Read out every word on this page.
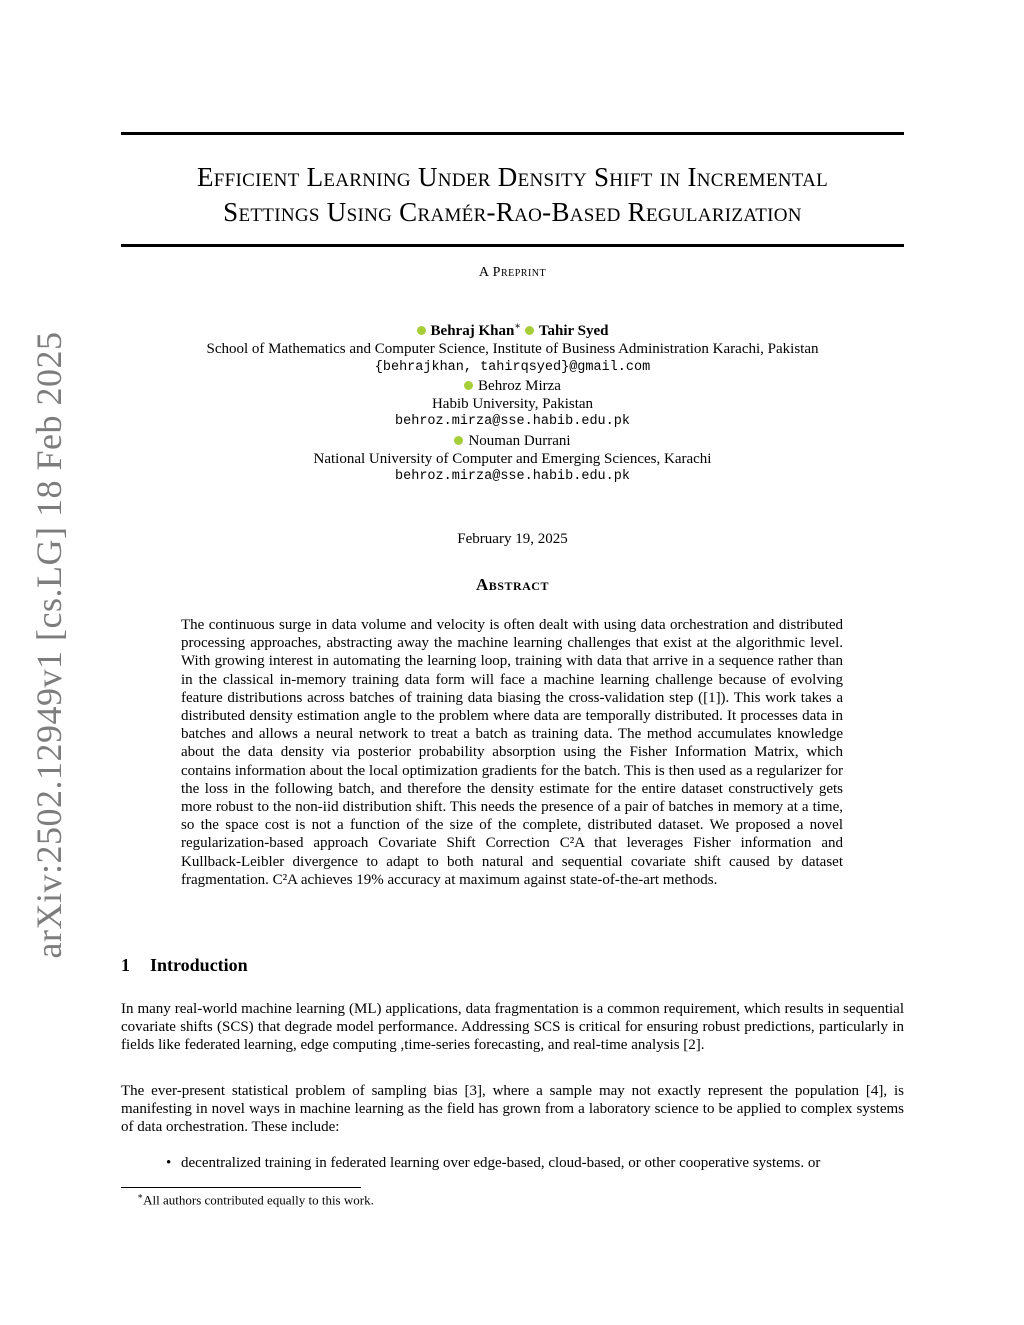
arXiv:2502.12949v1 [cs.LG] 18 Feb 2025
Efficient Learning Under Density Shift in Incremental
Settings Using Cramér-Rao-Based Regularization
A Preprint
Behraj Khan∗ Tahir Syed
School of Mathematics and Computer Science, Institute of Business Administration Karachi, Pakistan
{behrajkhan, tahirqsyed}@gmail.com
Behroz Mirza
Habib University, Pakistan
behroz.mirza@sse.habib.edu.pk
Nouman Durrani
National University of Computer and Emerging Sciences, Karachi
behroz.mirza@sse.habib.edu.pk
February 19, 2025
Abstract
The continuous surge in data volume and velocity is often dealt with using data orchestration and distributed processing approaches, abstracting away the machine learning challenges that exist at the algorithmic level. With growing interest in automating the learning loop, training with data that arrive in a sequence rather than in the classical in-memory training data form will face a machine learning challenge because of evolving feature distributions across batches of training data biasing the cross-validation step ([1]). This work takes a distributed density estimation angle to the problem where data are temporally distributed. It processes data in batches and allows a neural network to treat a batch as training data. The method accumulates knowledge about the data density via posterior probability absorption using the Fisher Information Matrix, which contains information about the local optimization gradients for the batch. This is then used as a regularizer for the loss in the following batch, and therefore the density estimate for the entire dataset constructively gets more robust to the non-iid distribution shift. This needs the presence of a pair of batches in memory at a time, so the space cost is not a function of the size of the complete, distributed dataset. We proposed a novel regularization-based approach Covariate Shift Correction C²A that leverages Fisher information and Kullback-Leibler divergence to adapt to both natural and sequential covariate shift caused by dataset fragmentation. C²A achieves 19% accuracy at maximum against state-of-the-art methods.
1 Introduction
In many real-world machine learning (ML) applications, data fragmentation is a common requirement, which results in sequential covariate shifts (SCS) that degrade model performance. Addressing SCS is critical for ensuring robust predictions, particularly in fields like federated learning, edge computing ,time-series forecasting, and real-time analysis [2].
The ever-present statistical problem of sampling bias [3], where a sample may not exactly represent the population [4], is manifesting in novel ways in machine learning as the field has grown from a laboratory science to be applied to complex systems of data orchestration. These include:
• decentralized training in federated learning over edge-based, cloud-based, or other cooperative systems. or
∗All authors contributed equally to this work.
